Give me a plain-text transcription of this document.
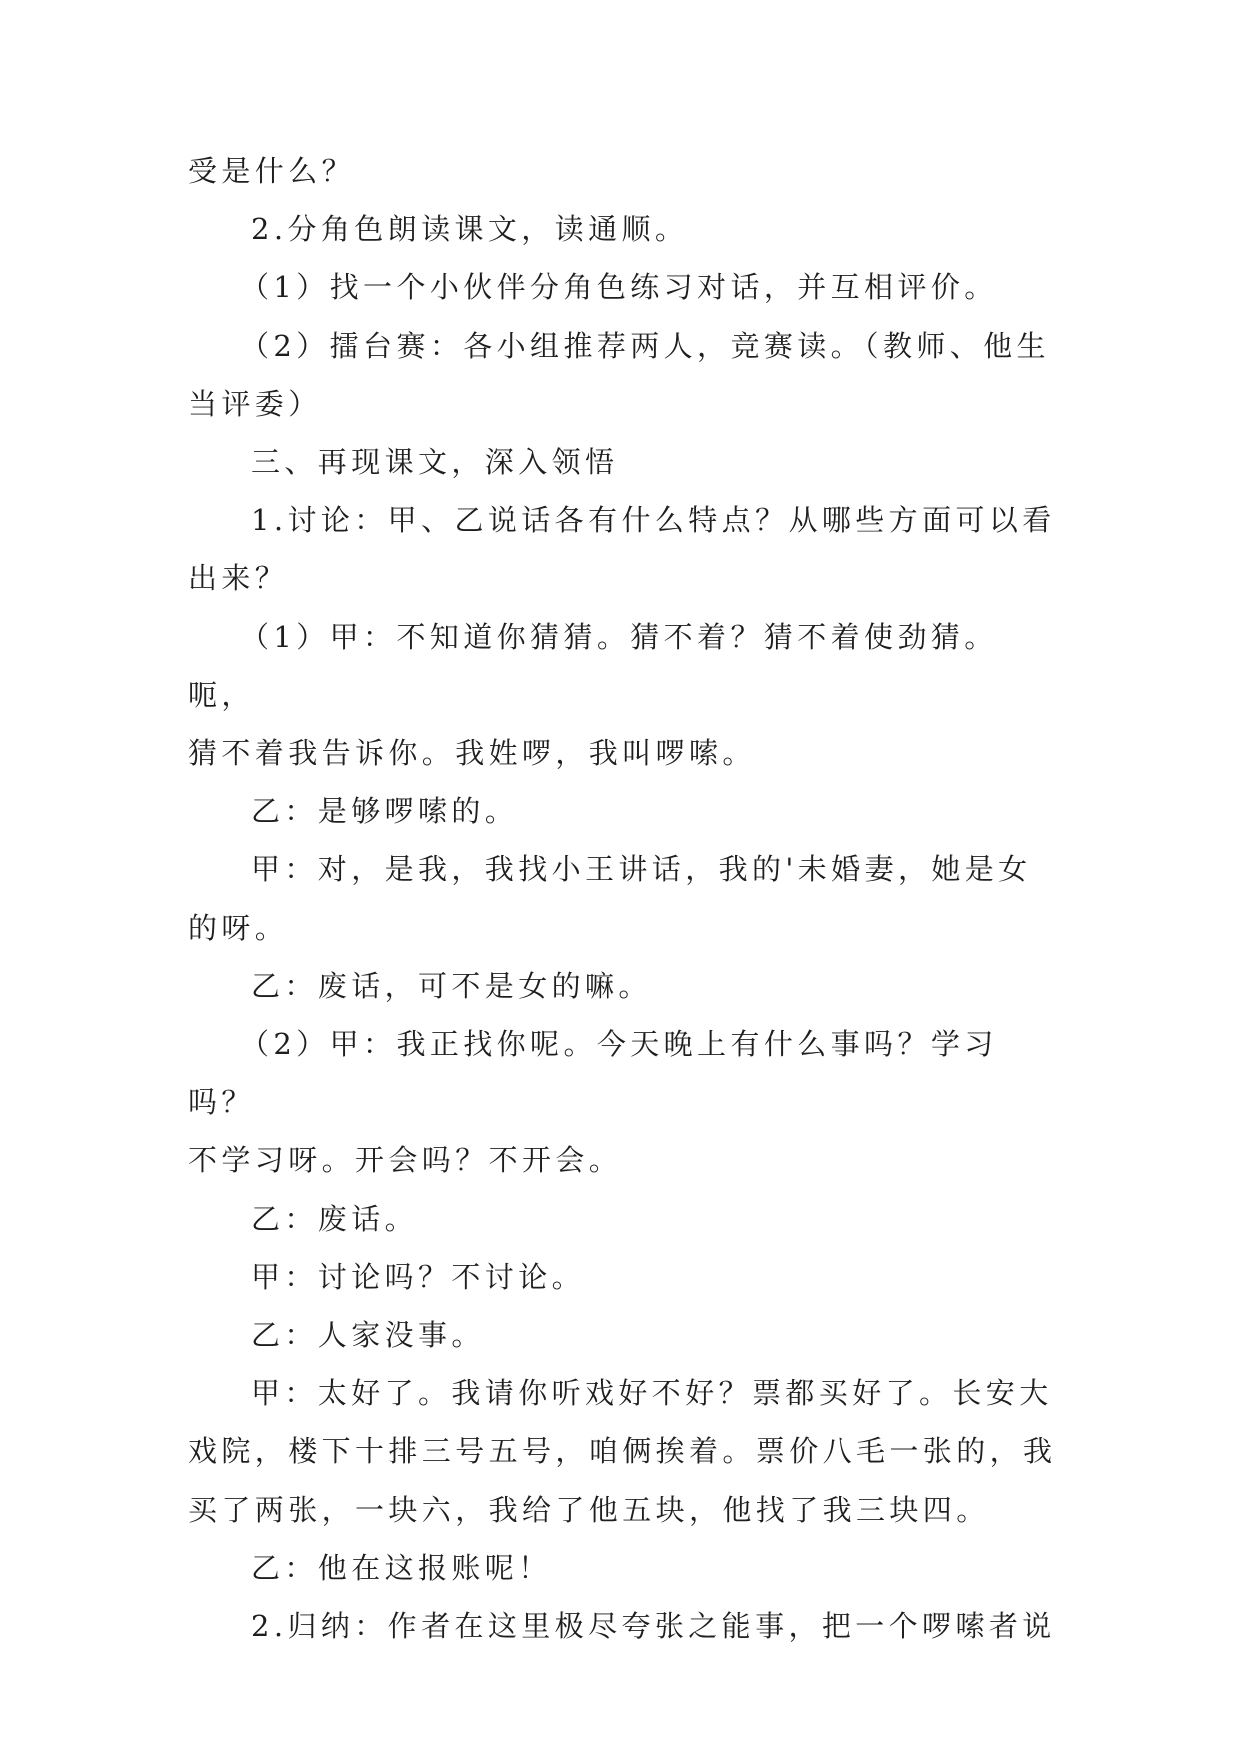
受是什么？

2.分角色朗读课文，读通顺。

（1）找一个小伙伴分角色练习对话，并互相评价。

（2）擂台赛：各小组推荐两人，竞赛读。（教师、他生
当评委）

三、再现课文，深入领悟

1.讨论：甲、乙说话各有什么特点？从哪些方面可以看
出来？

（1）甲：不知道你猜猜。猜不着？猜不着使劲猜。呃，
猜不着我告诉你。我姓啰，我叫啰嗦。

乙：是够啰嗦的。

甲：对，是我，我找小王讲话，我的'未婚妻，她是女
的呀。

乙：废话，可不是女的嘛。

（2）甲：我正找你呢。今天晚上有什么事吗？学习吗？
不学习呀。开会吗？不开会。

乙：废话。

甲：讨论吗？不讨论。

乙：人家没事。

甲：太好了。我请你听戏好不好？票都买好了。长安大
戏院，楼下十排三号五号，咱俩挨着。票价八毛一张的，我
买了两张，一块六，我给了他五块，他找了我三块四。

乙：他在这报账呢！

2.归纳：作者在这里极尽夸张之能事，把一个啰嗦者说
